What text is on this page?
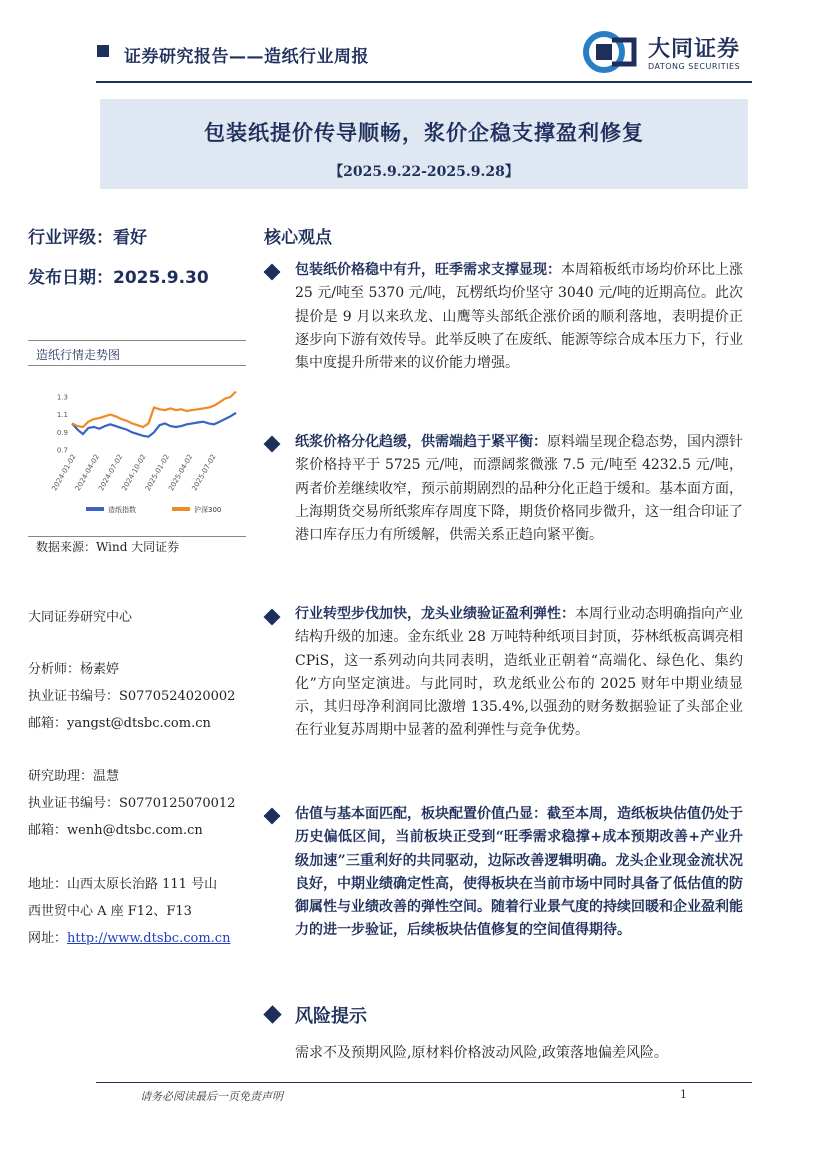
证券研究报告——造纸行业周报	大同证券
DATONG SECURITIES
包装纸提价传导顺畅，浆价企稳支撑盈利修复
【2025.9.22-2025.9.28】
行业评级：看好
发布日期：2025.9.30
造纸行情走势图
1.3
1.1
0.9
0.7
2024-01-02
2024-04-02
2024-07-02
2024-10-02
2025-01-02
2025-04-02
2025-07-02
造纸指数	沪深300
数据来源：Wind 大同证券
大同证券研究中心
分析师：杨素婷
执业证书编号：S0770524020002
邮箱：yangst@dtsbc.com.cn
研究助理：温慧
执业证书编号：S0770125070012
邮箱：wenh@dtsbc.com.cn
地址：山西太原长治路 111 号山
西世贸中心 A 座 F12、F13
网址：http://www.dtsbc.com.cn
核心观点
包装纸价格稳中有升，旺季需求支撑显现：本周箱板纸市场均价环比上涨 25 元/吨至 5370 元/吨，瓦楞纸均价坚守 3040 元/吨的近期高位。此次提价是 9 月以来玖龙、山鹰等头部纸企涨价函的顺利落地，表明提价正逐步向下游有效传导。此举反映了在废纸、能源等综合成本压力下，行业集中度提升所带来的议价能力增强。
纸浆价格分化趋缓，供需端趋于紧平衡：原料端呈现企稳态势，国内漂针浆价格持平于 5725 元/吨，而漂阔浆微涨 7.5 元/吨至 4232.5 元/吨，两者价差继续收窄，预示前期剧烈的品种分化正趋于缓和。基本面方面，上海期货交易所纸浆库存周度下降，期货价格同步微升，这一组合印证了港口库存压力有所缓解，供需关系正趋向紧平衡。
行业转型步伐加快，龙头业绩验证盈利弹性：本周行业动态明确指向产业结构升级的加速。金东纸业 28 万吨特种纸项目封顶，芬林纸板高调亮相 CPiS，这一系列动向共同表明，造纸业正朝着“高端化、绿色化、集约化”方向坚定演进。与此同时，玖龙纸业公布的 2025 财年中期业绩显示，其归母净利润同比激增 135.4%,以强劲的财务数据验证了头部企业在行业复苏周期中显著的盈利弹性与竞争优势。
估值与基本面匹配，板块配置价值凸显：截至本周，造纸板块估值仍处于历史偏低区间，当前板块正受到“旺季需求稳撑+成本预期改善+产业升级加速”三重利好的共同驱动，边际改善逻辑明确。龙头企业现金流状况良好，中期业绩确定性高，使得板块在当前市场中同时具备了低估值的防御属性与业绩改善的弹性空间。随着行业景气度的持续回暖和企业盈利能力的进一步验证，后续板块估值修复的空间值得期待。
风险提示
需求不及预期风险,原材料价格波动风险,政策落地偏差风险。
请务必阅读最后一页免责声明	1
